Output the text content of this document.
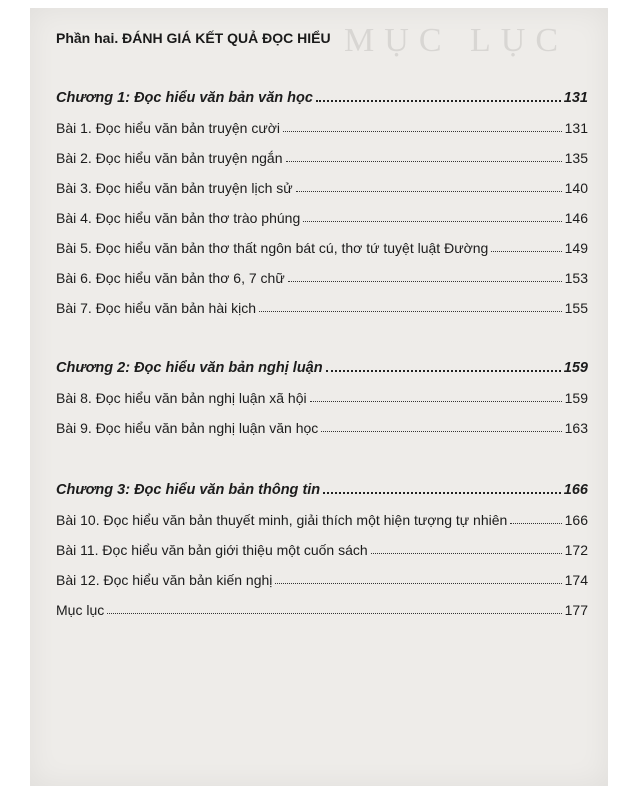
MỤC LỤC
Phần hai. ĐÁNH GIÁ KẾT QUẢ ĐỌC HIỂU
Chương 1: Đọc hiểu văn bản văn học	131
Bài 1. Đọc hiểu văn bản truyện cười	131
Bài 2. Đọc hiểu văn bản truyện ngắn	135
Bài 3. Đọc hiểu văn bản truyện lịch sử	140
Bài 4. Đọc hiểu văn bản thơ trào phúng	146
Bài 5. Đọc hiểu văn bản thơ thất ngôn bát cú, thơ tứ tuyệt luật Đường	149
Bài 6. Đọc hiểu văn bản thơ 6, 7 chữ	153
Bài 7. Đọc hiểu văn bản hài kịch	155
Chương 2: Đọc hiểu văn bản nghị luận	159
Bài 8. Đọc hiểu văn bản nghị luận xã hội	159
Bài 9. Đọc hiểu văn bản nghị luận văn học	163
Chương 3: Đọc hiểu văn bản thông tin	166
Bài 10. Đọc hiểu văn bản thuyết minh, giải thích một hiện tượng tự nhiên	166
Bài 11. Đọc hiểu văn bản giới thiệu một cuốn sách	172
Bài 12. Đọc hiểu văn bản kiến nghị	174
Mục lục	177
